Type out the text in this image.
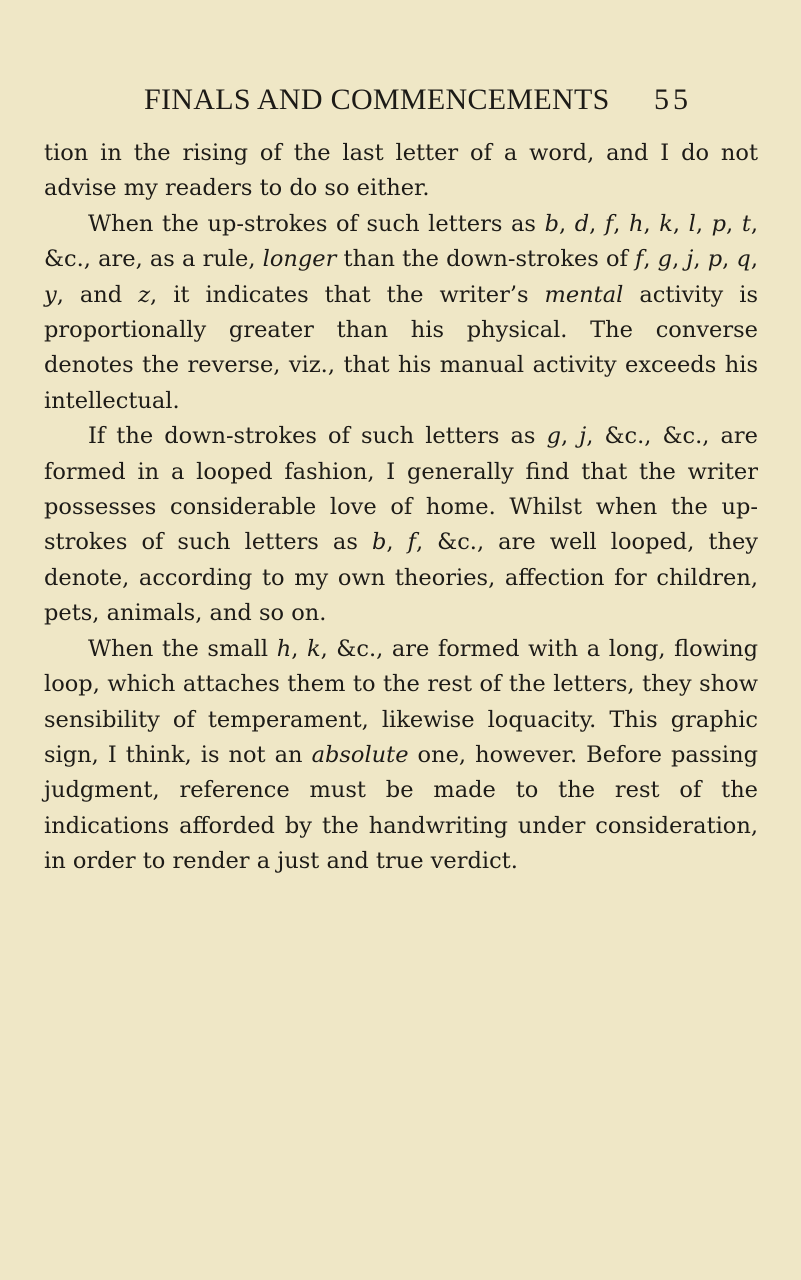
FINALS AND COMMENCEMENTS 55

tion in the rising of the last letter of a word, and I do not advise my readers to do so either.

When the up-strokes of such letters as b, d, f, h, k, l, p, t, &c., are, as a rule, longer than the down-strokes of f, g, j, p, q, y, and z, it indicates that the writer’s mental activity is proportionally greater than his physical. The converse denotes the reverse, viz., that his manual activity exceeds his intellectual.

If the down-strokes of such letters as g, j, &c., &c., are formed in a looped fashion, I generally find that the writer possesses considerable love of home. Whilst when the up-strokes of such letters as b, f, &c., are well looped, they denote, according to my own theories, affection for children, pets, animals, and so on.

When the small h, k, &c., are formed with a long, flowing loop, which attaches them to the rest of the letters, they show sensibility of temperament, likewise loquacity. This graphic sign, I think, is not an absolute one, however. Before passing judgment, reference must be made to the rest of the indications afforded by the handwriting under consideration, in order to render a just and true verdict.
